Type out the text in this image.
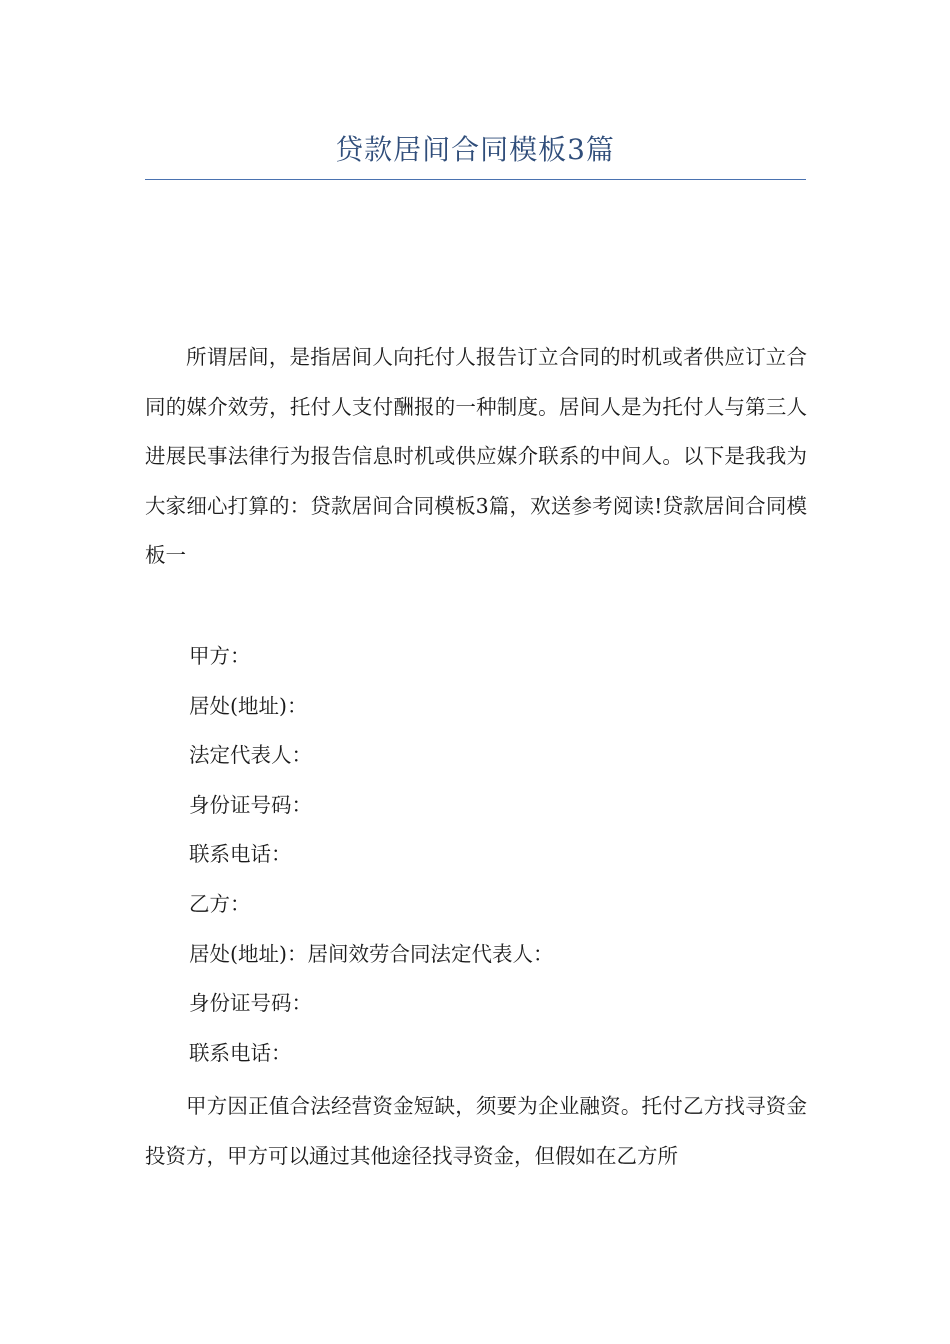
贷款居间合同模板3篇

所谓居间，是指居间人向托付人报告订立合同的时机或者供应订立合同的媒介效劳，托付人支付酬报的一种制度。居间人是为托付人与第三人进展民事法律行为报告信息时机或供应媒介联系的中间人。以下是我我为大家细心打算的：贷款居间合同模板3篇，欢送参考阅读!贷款居间合同模板一

甲方：

居处(地址)：

法定代表人：

身份证号码：

联系电话：

乙方：

居处(地址)：居间效劳合同法定代表人：

身份证号码：

联系电话：

甲方因正值合法经营资金短缺，须要为企业融资。托付乙方找寻资金投资方，甲方可以通过其他途径找寻资金，但假如在乙方所
